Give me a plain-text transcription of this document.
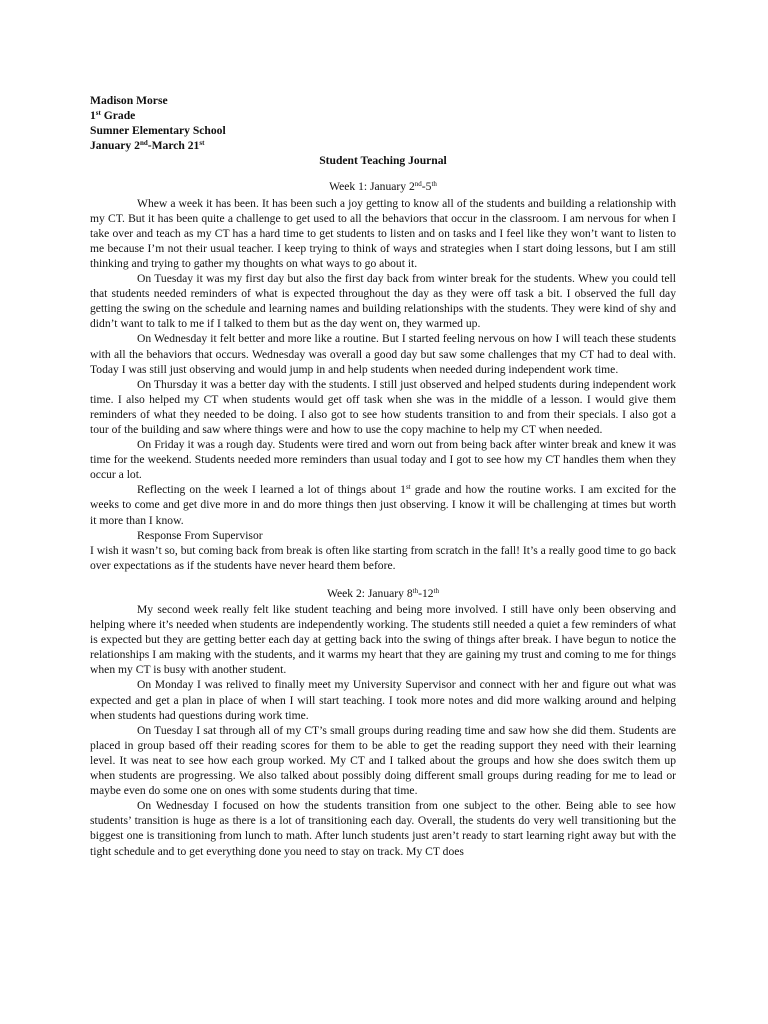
Madison Morse
1st Grade
Sumner Elementary School
January 2nd-March 21st
Student Teaching Journal
Week 1: January 2nd-5th

Whew a week it has been. It has been such a joy getting to know all of the students and building a relationship with my CT. But it has been quite a challenge to get used to all the behaviors that occur in the classroom. I am nervous for when I take over and teach as my CT has a hard time to get students to listen and on tasks and I feel like they won’t want to listen to me because I’m not their usual teacher. I keep trying to think of ways and strategies when I start doing lessons, but I am still thinking and trying to gather my thoughts on what ways to go about it.

On Tuesday it was my first day but also the first day back from winter break for the students. Whew you could tell that students needed reminders of what is expected throughout the day as they were off task a bit. I observed the full day getting the swing on the schedule and learning names and building relationships with the students. They were kind of shy and didn’t want to talk to me if I talked to them but as the day went on, they warmed up.

On Wednesday it felt better and more like a routine. But I started feeling nervous on how I will teach these students with all the behaviors that occurs. Wednesday was overall a good day but saw some challenges that my CT had to deal with. Today I was still just observing and would jump in and help students when needed during independent work time.

On Thursday it was a better day with the students. I still just observed and helped students during independent work time. I also helped my CT when students would get off task when she was in the middle of a lesson. I would give them reminders of what they needed to be doing. I also got to see how students transition to and from their specials. I also got a tour of the building and saw where things were and how to use the copy machine to help my CT when needed.

On Friday it was a rough day. Students were tired and worn out from being back after winter break and knew it was time for the weekend. Students needed more reminders than usual today and I got to see how my CT handles them when they occur a lot.

Reflecting on the week I learned a lot of things about 1st grade and how the routine works. I am excited for the weeks to come and get dive more in and do more things then just observing. I know it will be challenging at times but worth it more than I know.

Response From Supervisor

I wish it wasn’t so, but coming back from break is often like starting from scratch in the fall! It’s a really good time to go back over expectations as if the students have never heard them before.

Week 2: January 8th-12th

My second week really felt like student teaching and being more involved. I still have only been observing and helping where it’s needed when students are independently working. The students still needed a quiet a few reminders of what is expected but they are getting better each day at getting back into the swing of things after break. I have begun to notice the relationships I am making with the students, and it warms my heart that they are gaining my trust and coming to me for things when my CT is busy with another student.

On Monday I was relived to finally meet my University Supervisor and connect with her and figure out what was expected and get a plan in place of when I will start teaching. I took more notes and did more walking around and helping when students had questions during work time.

On Tuesday I sat through all of my CT’s small groups during reading time and saw how she did them. Students are placed in group based off their reading scores for them to be able to get the reading support they need with their learning level. It was neat to see how each group worked. My CT and I talked about the groups and how she does switch them up when students are progressing. We also talked about possibly doing different small groups during reading for me to lead or maybe even do some one on ones with some students during that time.

On Wednesday I focused on how the students transition from one subject to the other. Being able to see how students’ transition is huge as there is a lot of transitioning each day. Overall, the students do very well transitioning but the biggest one is transitioning from lunch to math. After lunch students just aren’t ready to start learning right away but with the tight schedule and to get everything done you need to stay on track. My CT does
